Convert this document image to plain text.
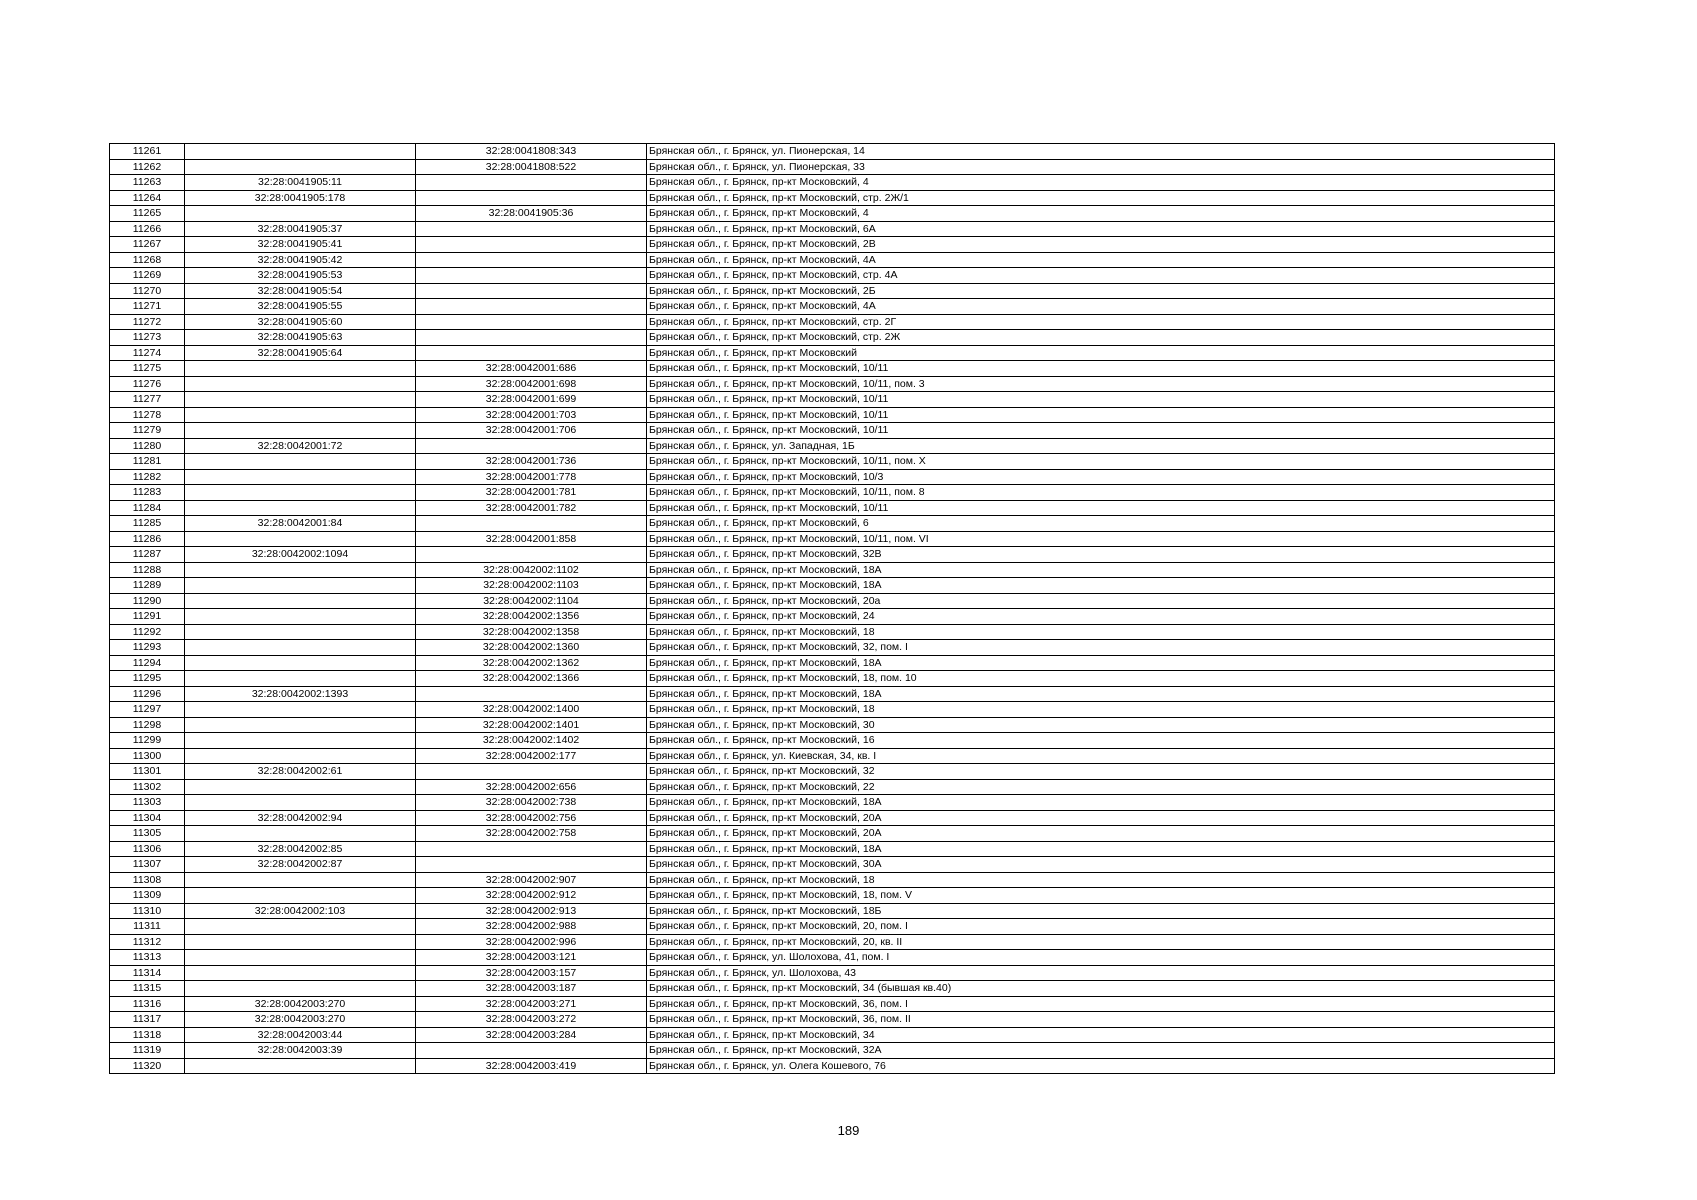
11261		32:28:0041808:343	Брянская обл., г. Брянск, ул. Пионерская, 14
11262		32:28:0041808:522	Брянская обл., г. Брянск, ул. Пионерская, 33
11263	32:28:0041905:11		Брянская обл., г. Брянск, пр-кт Московский, 4
11264	32:28:0041905:178		Брянская обл., г. Брянск, пр-кт Московский, стр. 2Ж/1
11265		32:28:0041905:36	Брянская обл., г. Брянск, пр-кт Московский, 4
11266	32:28:0041905:37		Брянская обл., г. Брянск, пр-кт Московский, 6А
11267	32:28:0041905:41		Брянская обл., г. Брянск, пр-кт Московский, 2В
11268	32:28:0041905:42		Брянская обл., г. Брянск, пр-кт Московский, 4А
11269	32:28:0041905:53		Брянская обл., г. Брянск, пр-кт Московский, стр. 4А
11270	32:28:0041905:54		Брянская обл., г. Брянск, пр-кт Московский, 2Б
11271	32:28:0041905:55		Брянская обл., г. Брянск, пр-кт Московский, 4А
11272	32:28:0041905:60		Брянская обл., г. Брянск, пр-кт Московский, стр. 2Г
11273	32:28:0041905:63		Брянская обл., г. Брянск, пр-кт Московский, стр. 2Ж
11274	32:28:0041905:64		Брянская обл., г. Брянск, пр-кт Московский
11275		32:28:0042001:686	Брянская обл., г. Брянск, пр-кт Московский, 10/11
11276		32:28:0042001:698	Брянская обл., г. Брянск, пр-кт Московский, 10/11, пом. 3
11277		32:28:0042001:699	Брянская обл., г. Брянск, пр-кт Московский, 10/11
11278		32:28:0042001:703	Брянская обл., г. Брянск, пр-кт Московский, 10/11
11279		32:28:0042001:706	Брянская обл., г. Брянск, пр-кт Московский, 10/11
11280	32:28:0042001:72		Брянская обл., г. Брянск, ул. Западная, 1Б
11281		32:28:0042001:736	Брянская обл., г. Брянск, пр-кт Московский, 10/11, пом. X
11282		32:28:0042001:778	Брянская обл., г. Брянск, пр-кт Московский, 10/3
11283		32:28:0042001:781	Брянская обл., г. Брянск, пр-кт Московский, 10/11, пом. 8
11284		32:28:0042001:782	Брянская обл., г. Брянск, пр-кт Московский, 10/11
11285	32:28:0042001:84		Брянская обл., г. Брянск, пр-кт Московский, 6
11286		32:28:0042001:858	Брянская обл., г. Брянск, пр-кт Московский, 10/11, пом. VI
11287	32:28:0042002:1094		Брянская обл., г. Брянск, пр-кт Московский, 32В
11288		32:28:0042002:1102	Брянская обл., г. Брянск, пр-кт Московский, 18А
11289		32:28:0042002:1103	Брянская обл., г. Брянск, пр-кт Московский, 18А
11290		32:28:0042002:1104	Брянская обл., г. Брянск, пр-кт Московский, 20а
11291		32:28:0042002:1356	Брянская обл., г. Брянск, пр-кт Московский, 24
11292		32:28:0042002:1358	Брянская обл., г. Брянск, пр-кт Московский, 18
11293		32:28:0042002:1360	Брянская обл., г. Брянск, пр-кт Московский, 32, пом. I
11294		32:28:0042002:1362	Брянская обл., г. Брянск, пр-кт Московский, 18А
11295		32:28:0042002:1366	Брянская обл., г. Брянск, пр-кт Московский, 18, пом. 10
11296	32:28:0042002:1393		Брянская обл., г. Брянск, пр-кт Московский, 18А
11297		32:28:0042002:1400	Брянская обл., г. Брянск, пр-кт Московский, 18
11298		32:28:0042002:1401	Брянская обл., г. Брянск, пр-кт Московский, 30
11299		32:28:0042002:1402	Брянская обл., г. Брянск, пр-кт Московский, 16
11300		32:28:0042002:177	Брянская обл., г. Брянск, ул. Киевская, 34, кв. I
11301	32:28:0042002:61		Брянская обл., г. Брянск, пр-кт Московский, 32
11302		32:28:0042002:656	Брянская обл., г. Брянск, пр-кт Московский, 22
11303		32:28:0042002:738	Брянская обл., г. Брянск, пр-кт Московский, 18А
11304	32:28:0042002:94	32:28:0042002:756	Брянская обл., г. Брянск, пр-кт Московский, 20А
11305		32:28:0042002:758	Брянская обл., г. Брянск, пр-кт Московский, 20А
11306	32:28:0042002:85		Брянская обл., г. Брянск, пр-кт Московский, 18А
11307	32:28:0042002:87		Брянская обл., г. Брянск, пр-кт Московский, 30А
11308		32:28:0042002:907	Брянская обл., г. Брянск, пр-кт Московский, 18
11309		32:28:0042002:912	Брянская обл., г. Брянск, пр-кт Московский, 18, пом. V
11310	32:28:0042002:103	32:28:0042002:913	Брянская обл., г. Брянск, пр-кт Московский, 18Б
11311		32:28:0042002:988	Брянская обл., г. Брянск, пр-кт Московский, 20, пом. I
11312		32:28:0042002:996	Брянская обл., г. Брянск, пр-кт Московский, 20, кв. II
11313		32:28:0042003:121	Брянская обл., г. Брянск, ул. Шолохова, 41, пом. I
11314		32:28:0042003:157	Брянская обл., г. Брянск, ул. Шолохова, 43
11315		32:28:0042003:187	Брянская обл., г. Брянск, пр-кт Московский, 34 (бывшая кв.40)
11316	32:28:0042003:270	32:28:0042003:271	Брянская обл., г. Брянск, пр-кт Московский, 36, пом. I
11317	32:28:0042003:270	32:28:0042003:272	Брянская обл., г. Брянск, пр-кт Московский, 36, пом. II
11318	32:28:0042003:44	32:28:0042003:284	Брянская обл., г. Брянск, пр-кт Московский, 34
11319	32:28:0042003:39		Брянская обл., г. Брянск, пр-кт Московский, 32А
11320		32:28:0042003:419	Брянская обл., г. Брянск, ул. Олега Кошевого, 76
189
